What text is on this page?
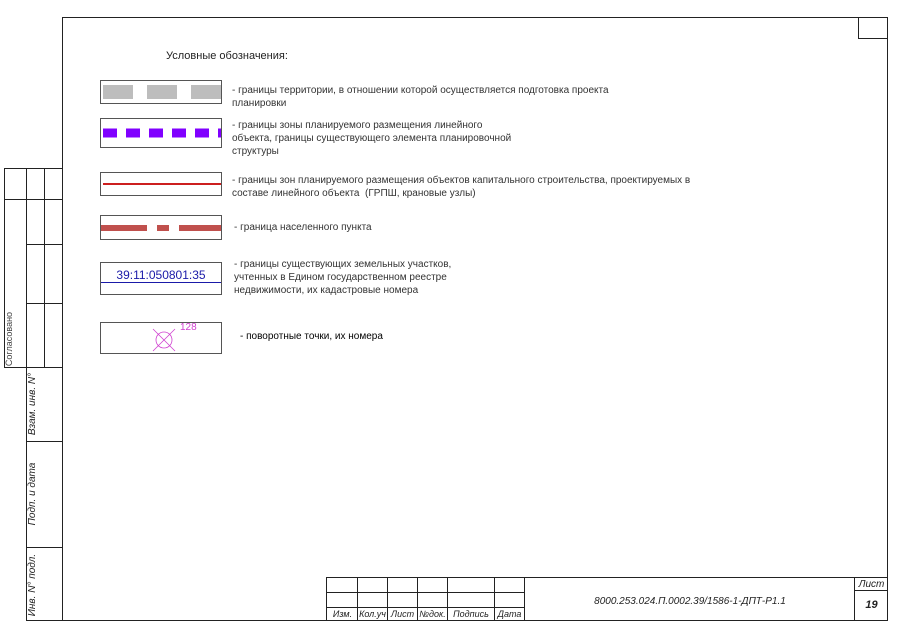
Согласовано
Взам. инв. N°
Подп. и дата
Инв. N° подл.
Условные обозначения:
- границы территории, в отношении которой осуществляется подготовка проекта
планировки
- границы зоны планируемого размещения линейного
объекта, границы существующего элемента планировочной
структуры
- границы зон планируемого размещения объектов капитального строительства, проектируемых в
составе линейного объекта  (ГРПШ, крановые узлы)
- граница населенного пункта
39:11:050801:35
- границы существующих земельных участков,
учтенных в Едином государственном реестре
недвижимости, их кадастровые номера
128
- поворотные точки, их номера
Изм. Кол.уч Лист №док. Подпись Дата
8000.253.024.П.0002.39/1586-1-ДПТ-Р1.1
Лист
19
